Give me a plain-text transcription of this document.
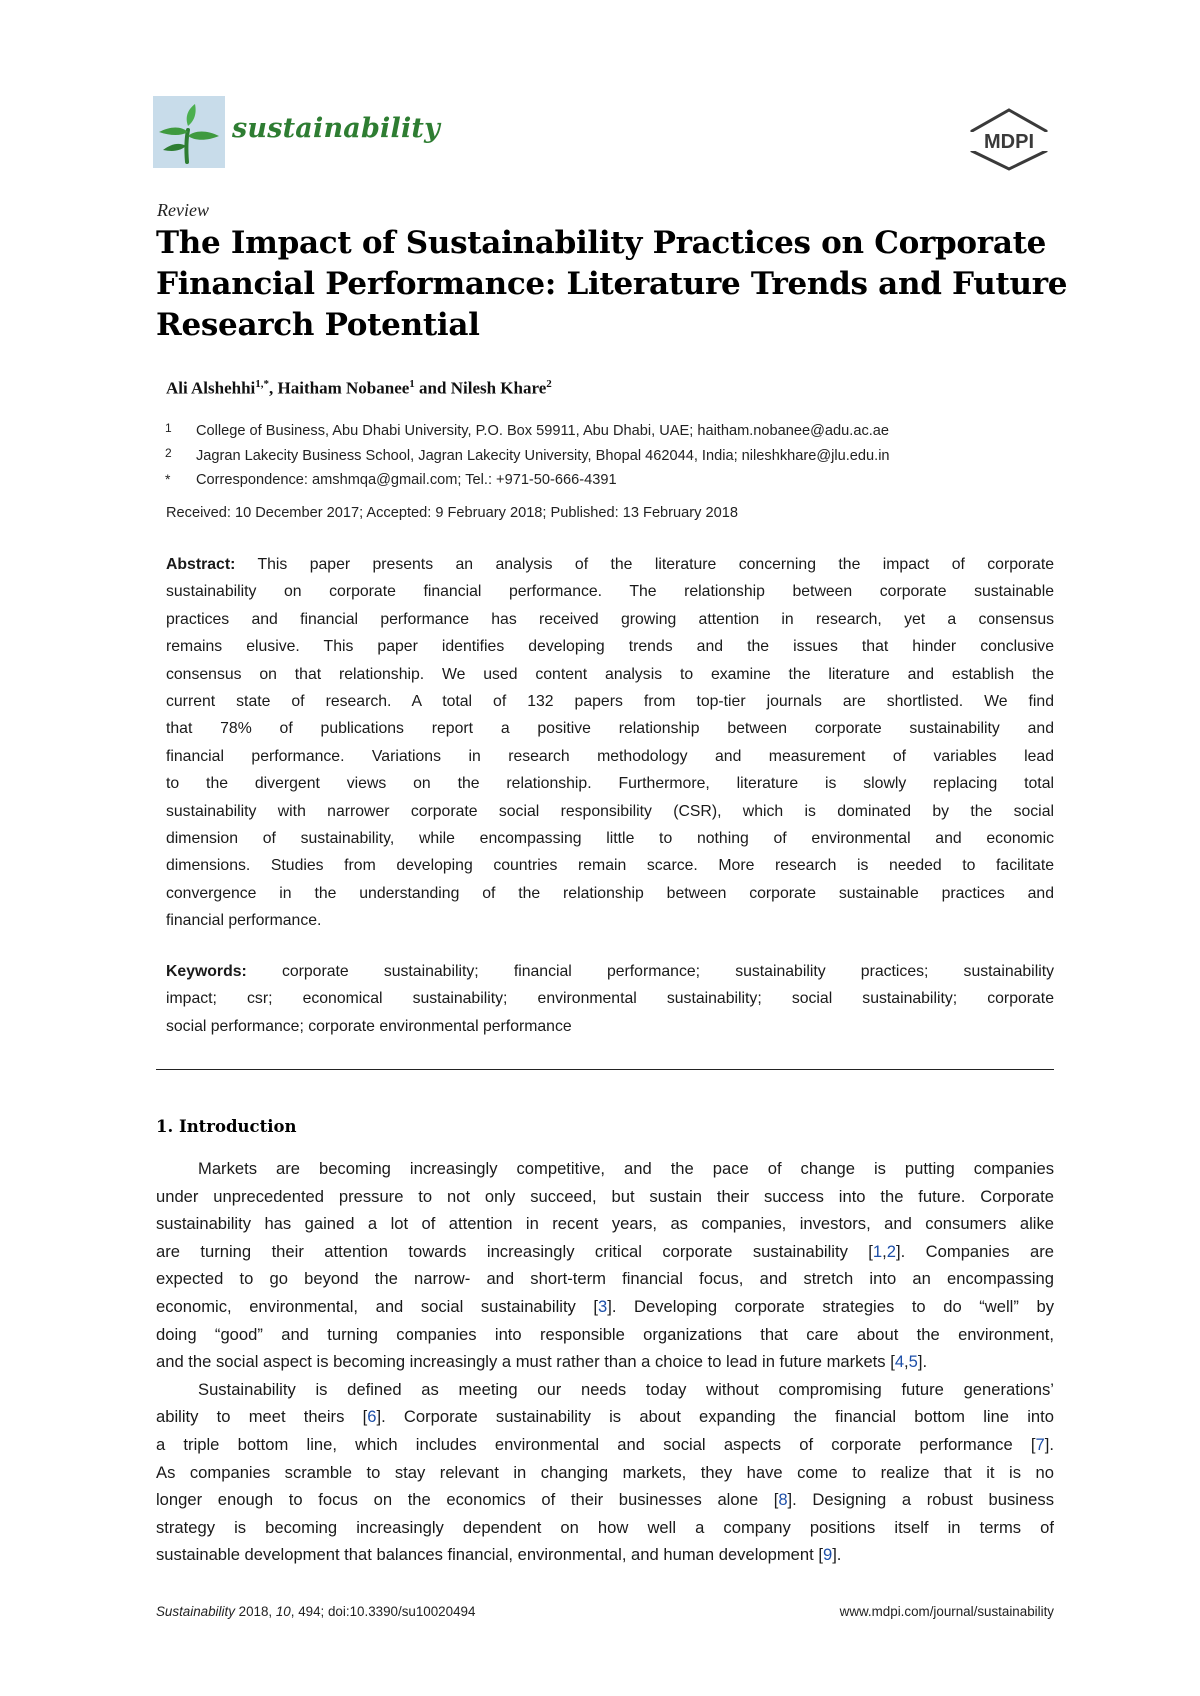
sustainability	MDPI
Review
The Impact of Sustainability Practices on Corporate
Financial Performance: Literature Trends and Future
Research Potential
Ali Alshehhi$^{1,*}$, Haitham Nobanee$^1$ and Nilesh Khare$^2$
1 College of Business, Abu Dhabi University, P.O. Box 59911, Abu Dhabi, UAE; haitham.nobanee@adu.ac.ae
2 Jagran Lakecity Business School, Jagran Lakecity University, Bhopal 462044, India; nileshkhare@jlu.edu.in
* Correspondence: amshmqa@gmail.com; Tel.: +971-50-666-4391
Received: 10 December 2017; Accepted: 9 February 2018; Published: 13 February 2018
Abstract: This paper presents an analysis of the literature concerning the impact of corporate
sustainability on corporate financial performance. The relationship between corporate sustainable
practices and financial performance has received growing attention in research, yet a consensus
remains elusive. This paper identifies developing trends and the issues that hinder conclusive
consensus on that relationship. We used content analysis to examine the literature and establish the
current state of research. A total of 132 papers from top-tier journals are shortlisted. We find
that 78% of publications report a positive relationship between corporate sustainability and
financial performance. Variations in research methodology and measurement of variables lead
to the divergent views on the relationship. Furthermore, literature is slowly replacing total
sustainability with narrower corporate social responsibility (CSR), which is dominated by the social
dimension of sustainability, while encompassing little to nothing of environmental and economic
dimensions. Studies from developing countries remain scarce. More research is needed to facilitate
convergence in the understanding of the relationship between corporate sustainable practices and
financial performance.
Keywords: corporate sustainability; financial performance; sustainability practices; sustainability
impact; csr; economical sustainability; environmental sustainability; social sustainability; corporate
social performance; corporate environmental performance
1. Introduction
Markets are becoming increasingly competitive, and the pace of change is putting companies
under unprecedented pressure to not only succeed, but sustain their success into the future. Corporate
sustainability has gained a lot of attention in recent years, as companies, investors, and consumers alike
are turning their attention towards increasingly critical corporate sustainability [1,2]. Companies are
expected to go beyond the narrow- and short-term financial focus, and stretch into an encompassing
economic, environmental, and social sustainability [3]. Developing corporate strategies to do “well” by
doing “good” and turning companies into responsible organizations that care about the environment,
and the social aspect is becoming increasingly a must rather than a choice to lead in future markets [4,5].
Sustainability is defined as meeting our needs today without compromising future generations’
ability to meet theirs [6]. Corporate sustainability is about expanding the financial bottom line into
a triple bottom line, which includes environmental and social aspects of corporate performance [7].
As companies scramble to stay relevant in changing markets, they have come to realize that it is no
longer enough to focus on the economics of their businesses alone [8]. Designing a robust business
strategy is becoming increasingly dependent on how well a company positions itself in terms of
sustainable development that balances financial, environmental, and human development [9].
Sustainability 2018, 10, 494; doi:10.3390/su10020494	www.mdpi.com/journal/sustainability
